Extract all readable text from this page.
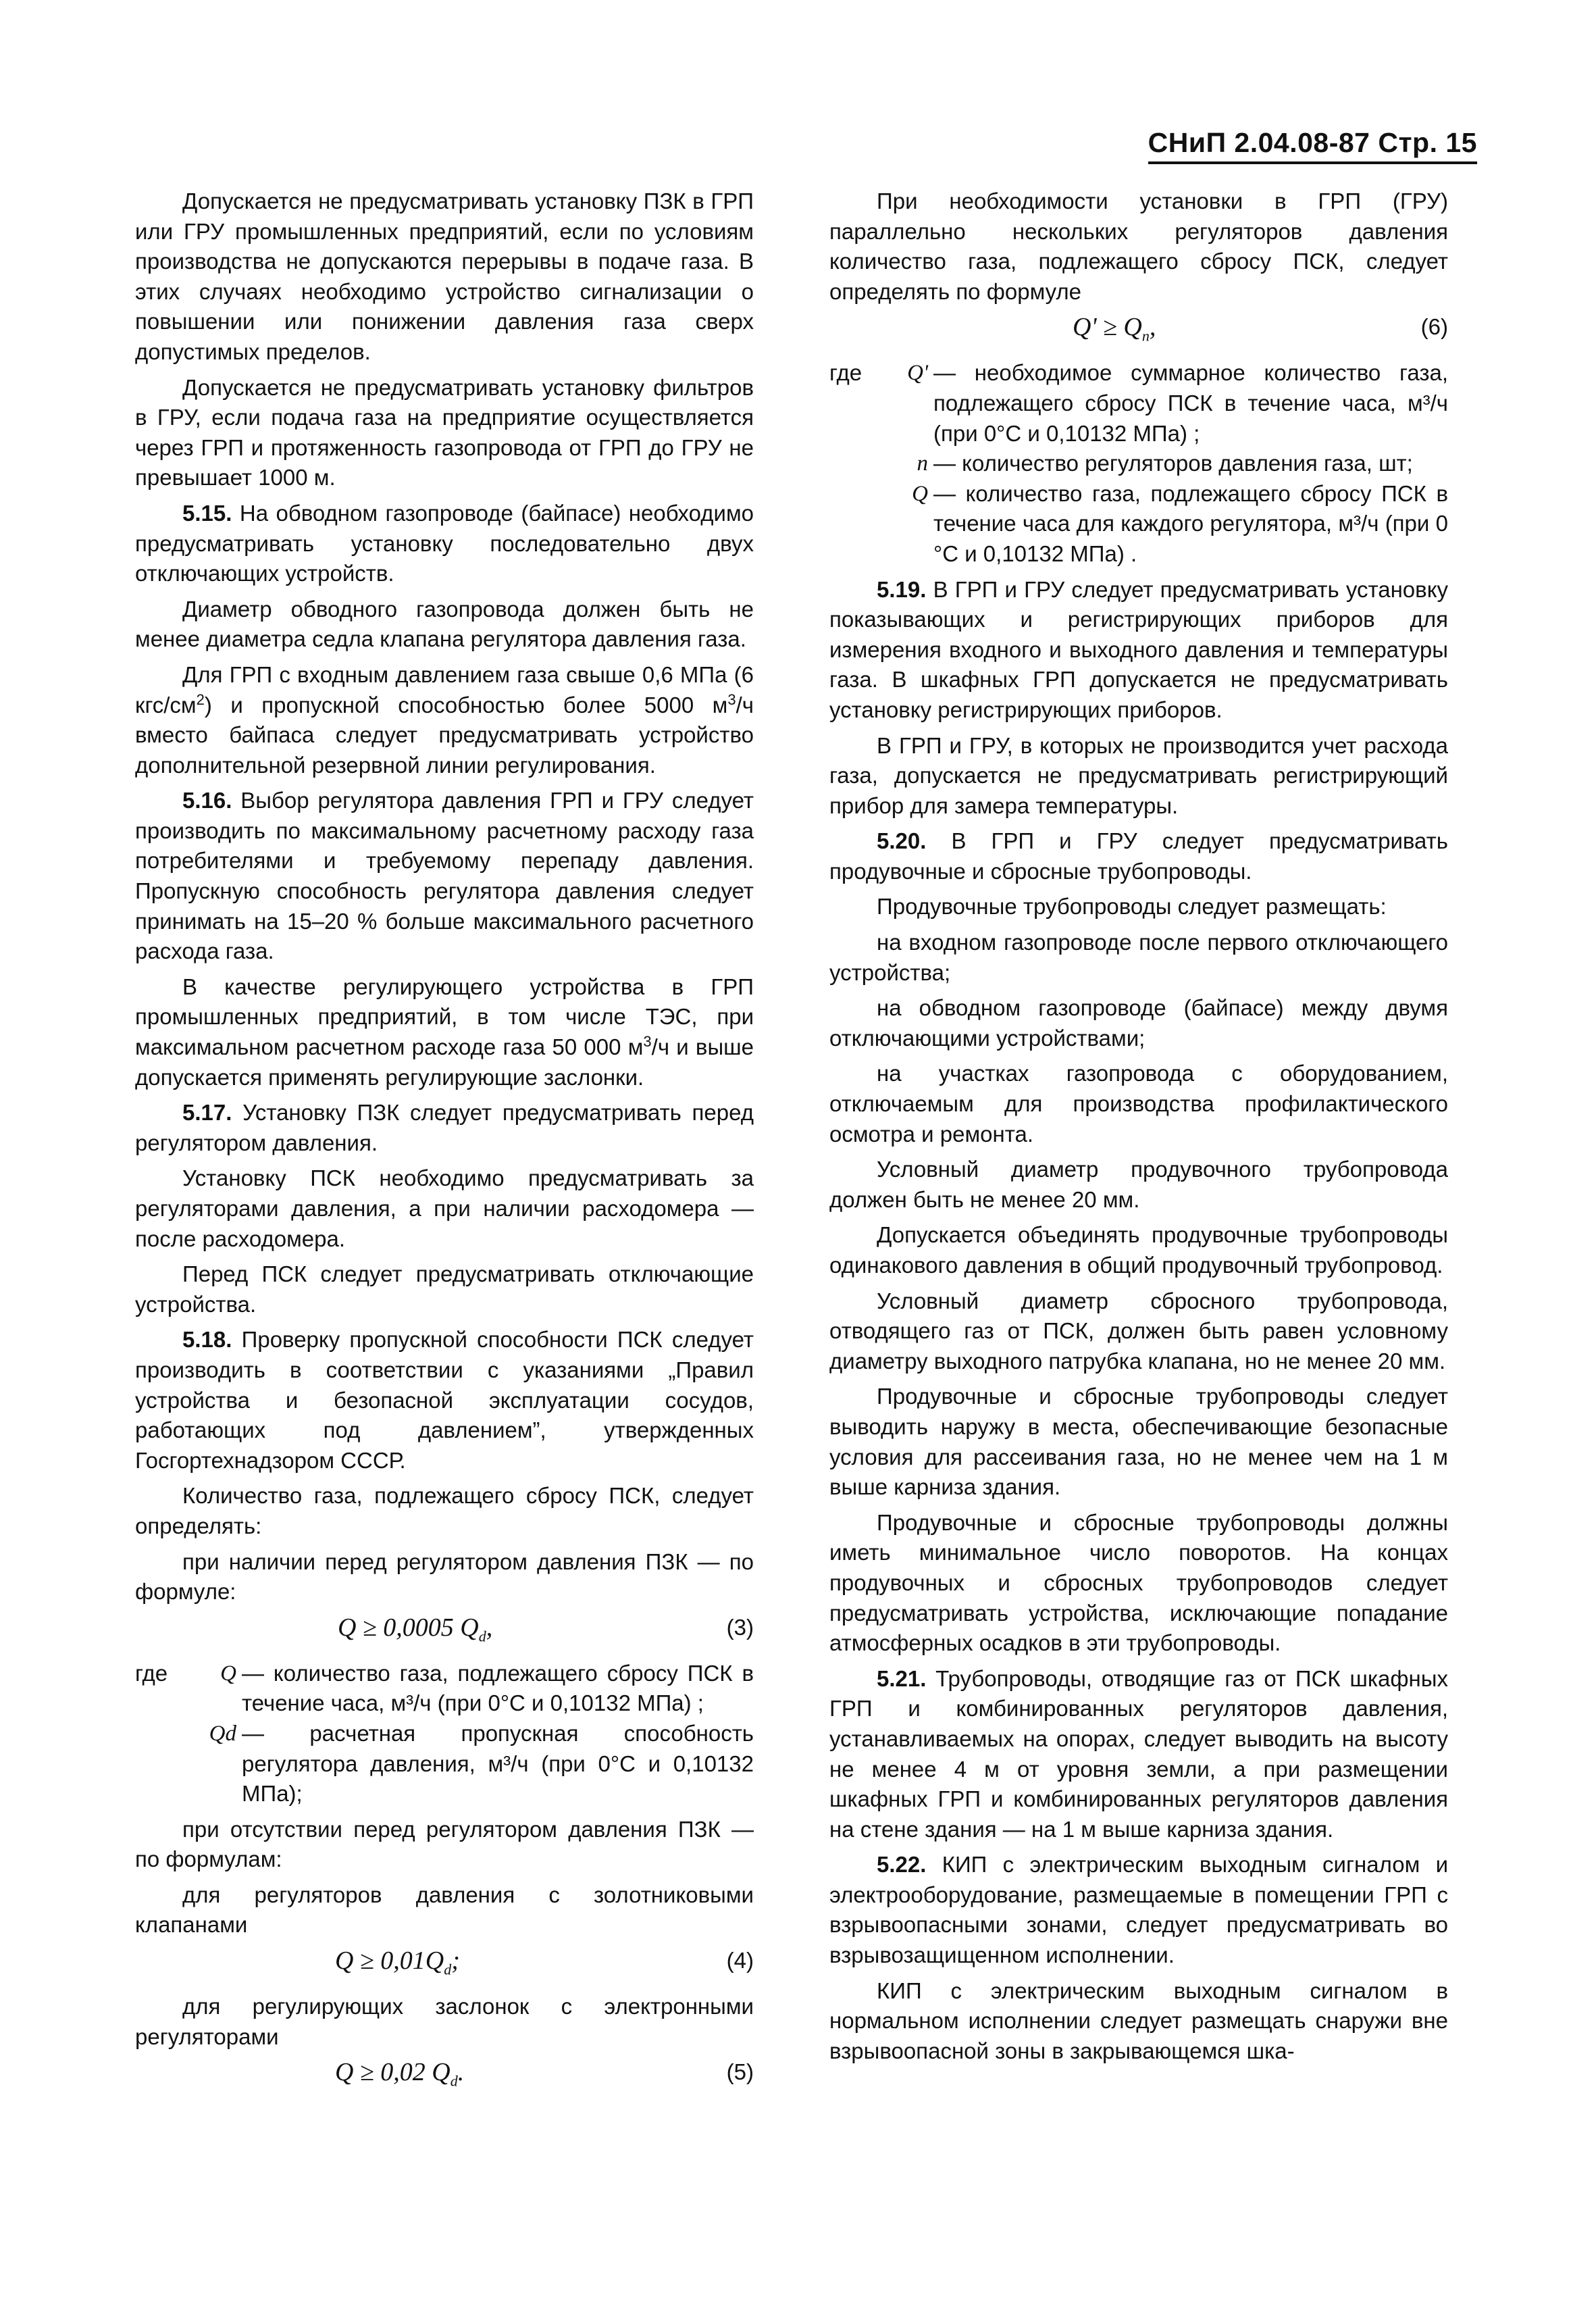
СНиП 2.04.08-87 Стр. 15

Допускается не предусматривать установку ПЗК в ГРП или ГРУ промышленных предприятий, если по условиям производства не допускаются перерывы в подаче газа. В этих случаях необходимо устройство сигнализации о повышении или понижении давления газа сверх допустимых пределов.

Допускается не предусматривать установку фильтров в ГРУ, если подача газа на предприятие осуществляется через ГРП и протяженность газопровода от ГРП до ГРУ не превышает 1000 м.

5.15. На обводном газопроводе (байпасе) необходимо предусматривать установку последовательно двух отключающих устройств.

Диаметр обводного газопровода должен быть не менее диаметра седла клапана регулятора давления газа.

Для ГРП с входным давлением газа свыше 0,6 МПа (6 кгс/$см^2$) и пропускной способностью более 5000 $м^3/ч$ вместо байпаса следует предусматривать устройство дополнительной резервной линии регулирования.

5.16. Выбор регулятора давления ГРП и ГРУ следует производить по максимальному расчетному расходу газа потребителями и требуемому перепаду давления. Пропускную способность регулятора давления следует принимать на 15–20 % больше максимального расчетного расхода газа.

В качестве регулирующего устройства в ГРП промышленных предприятий, в том числе ТЭС, при максимальном расчетном расходе газа 50 000 $м^3/ч$ и выше допускается применять регулирующие заслонки.

5.17. Установку ПЗК следует предусматривать перед регулятором давления.

Установку ПСК необходимо предусматривать за регуляторами давления, а при наличии расходомера — после расходомера.

Перед ПСК следует предусматривать отключающие устройства.

5.18. Проверку пропускной способности ПСК следует производить в соответствии с указаниями „Правил устройства и безопасной эксплуатации сосудов, работающих под давлением”, утвержденных Госгортехнадзором СССР.

Количество газа, подлежащего сбросу ПСК, следует определять:

при наличии перед регулятором давления ПЗК — по формуле:

Q ≥ 0,0005 $Q_d$,	(3)
где	Q — количество газа, подлежащего сбросу ПСК в течение часа, м³/ч (при 0°С и 0,10132 МПа) ;
Qd — расчетная пропускная способность регулятора давления, м³/ч (при 0°С и 0,10132 МПа);

при отсутствии перед регулятором давления ПЗК — по формулам:

для регуляторов давления с золотниковыми клапанами

$Q \ge 0,01Q_d$;	(4)

для регулирующих заслонок с электронными регуляторами

Q ≥ 0,02 $Q_d$.	(5)

При необходимости установки в ГРП (ГРУ) параллельно нескольких регуляторов давления количество газа, подлежащего сбросу ПСК, следует определять по формуле

$Q' \ge Q_n$,	(6)
где	Q' — необходимое суммарное количество газа, подлежащего сбросу ПСК в течение часа, м³/ч (при 0°С и 0,10132 МПа) ;
n — количество регуляторов давления газа, шт;
Q — количество газа, подлежащего сбросу ПСК в течение часа для каждого регулятора, м³/ч (при 0 °С и 0,10132 МПа) .

5.19. В ГРП и ГРУ следует предусматривать установку показывающих и регистрирующих приборов для измерения входного и выходного давления и температуры газа. В шкафных ГРП допускается не предусматривать установку регистрирующих приборов.

В ГРП и ГРУ, в которых не производится учет расхода газа, допускается не предусматривать регистрирующий прибор для замера температуры.

5.20. В ГРП и ГРУ следует предусматривать продувочные и сбросные трубопроводы.

Продувочные трубопроводы следует размещать:

на входном газопроводе после первого отключающего устройства;

на обводном газопроводе (байпасе) между двумя отключающими устройствами;

на участках газопровода с оборудованием, отключаемым для производства профилактического осмотра и ремонта.

Условный диаметр продувочного трубопровода должен быть не менее 20 мм.

Допускается объединять продувочные трубопроводы одинакового давления в общий продувочный трубопровод.

Условный диаметр сбросного трубопровода, отводящего газ от ПСК, должен быть равен условному диаметру выходного патрубка клапана, но не менее 20 мм.

Продувочные и сбросные трубопроводы следует выводить наружу в места, обеспечивающие безопасные условия для рассеивания газа, но не менее чем на 1 м выше карниза здания.

Продувочные и сбросные трубопроводы должны иметь минимальное число поворотов. На концах продувочных и сбросных трубопроводов следует предусматривать устройства, исключающие попадание атмосферных осадков в эти трубопроводы.

5.21. Трубопроводы, отводящие газ от ПСК шкафных ГРП и комбинированных регуляторов давления, устанавливаемых на опорах, следует выводить на высоту не менее 4 м от уровня земли, а при размещении шкафных ГРП и комбинированных регуляторов давления на стене здания — на 1 м выше карниза здания.

5.22. КИП с электрическим выходным сигналом и электрооборудование, размещаемые в помещении ГРП с взрывоопасными зонами, следует предусматривать во взрывозащищенном исполнении.

КИП с электрическим выходным сигналом в нормальном исполнении следует размещать снаружи вне взрывоопасной зоны в закрывающемся шка-
